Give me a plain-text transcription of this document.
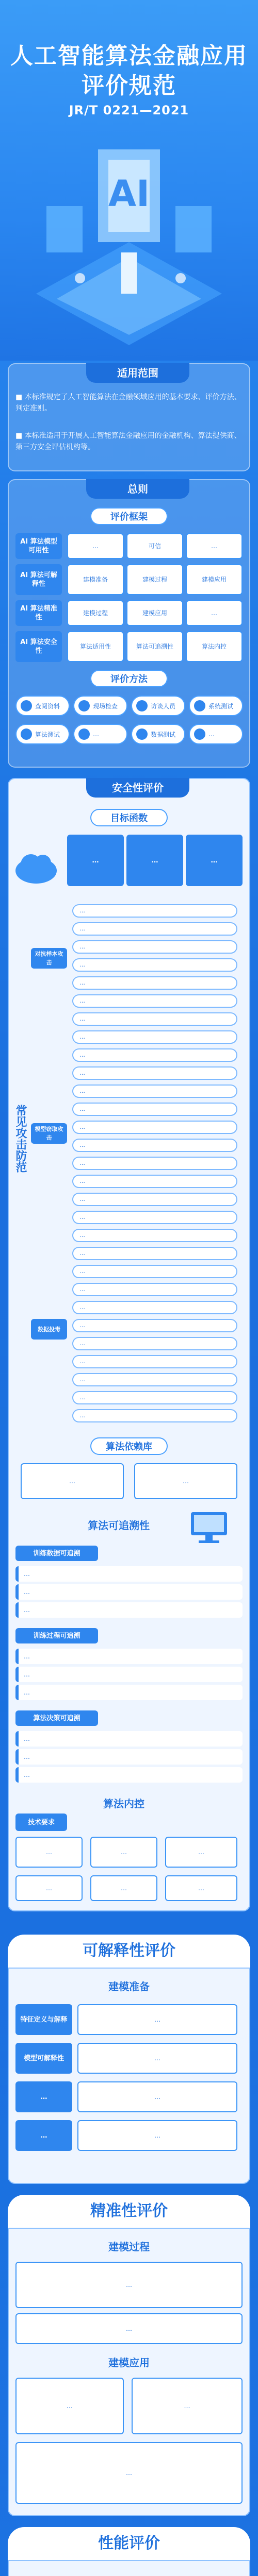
人工智能算法金融应用
评价规范
JR/T 0221—2021
AI
适用范围
■ 本标准规定了人工智能算法在金融领域应用的基本要求、评价方法、判定准则。
■ 本标准适用于开展人工智能算法金融应用的金融机构、算法提供商、第三方安全评估机构等。
总则
评价框架
AI 算法模型可用性
…	可信	…
AI 算法可解释性
建模准备	建模过程	建模应用
AI 算法精准性
建模过程	建模应用	…
AI 算法安全性
算法适用性	算法可追溯性	算法内控
评价方法
查阅资料	现场检查	访谈人员	系统测试
算法测试	…	数据测试	…
安全性评价
目标函数
…	…	…
常见攻击防范
对抗样本攻击
模型窃取攻击
数据投毒
…
…
…
…
…
…
…
…
…
…
…
…
…
…
…
…
…
…
…
…
…
…
…
…
…
…
…
…
…
算法依赖库
…	…
算法可追溯性
训练数据可追溯
…
…
…
训练过程可追溯
…
…
…
算法决策可追溯
…
…
…
算法内控
技术要求
…	…	…
…	…	…
可解释性评价
建模准备
特征定义与解释	…
模型可解释性	…
…	…
…	…
精准性评价
建模过程
…
…
建模应用
…	…
…
性能评价
